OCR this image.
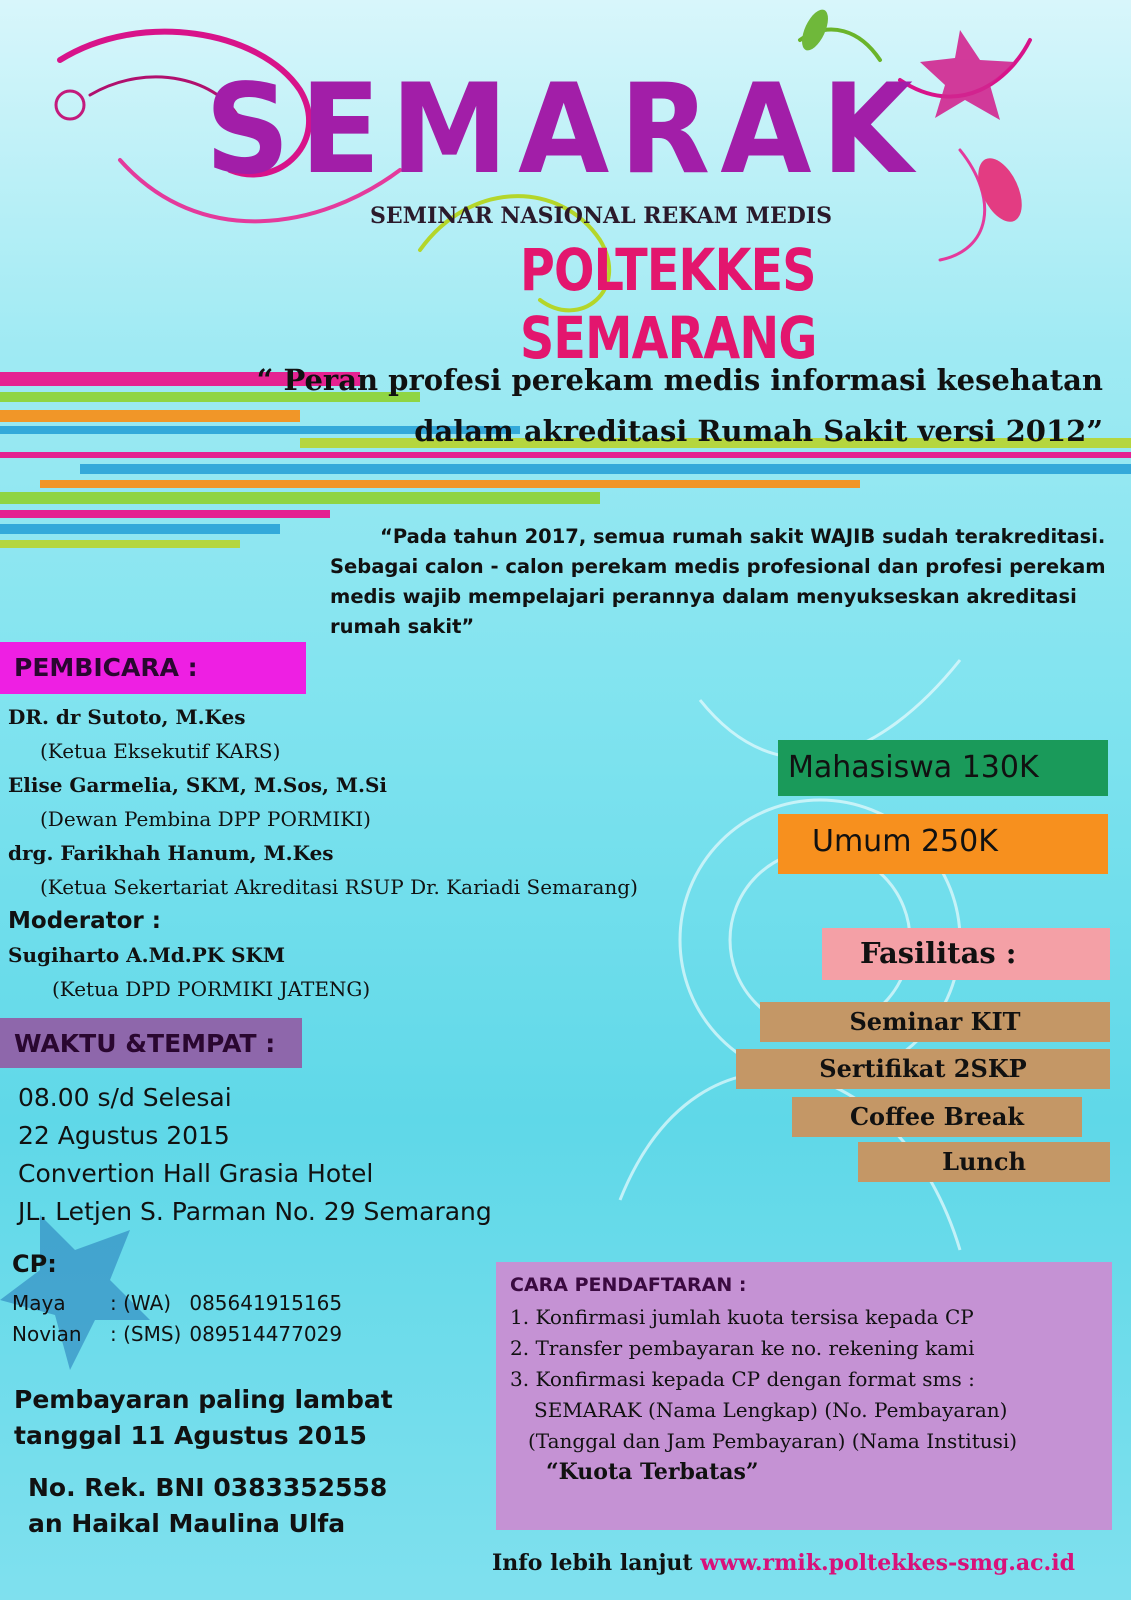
SEMARAK
SEMINAR NASIONAL REKAM MEDIS
POLTEKKES SEMARANG
“ Peran profesi perekam medis informasi kesehatan
dalam akreditasi Rumah Sakit versi 2012”
“Pada tahun 2017, semua rumah sakit WAJIB sudah terakreditasi.
Sebagai calon - calon perekam medis profesional dan profesi perekam
medis wajib mempelajari perannya dalam menyukseskan akreditasi
rumah sakit”
PEMBICARA :
DR. dr Sutoto, M.Kes
(Ketua Eksekutif KARS)
Elise Garmelia, SKM, M.Sos, M.Si
(Dewan Pembina DPP PORMIKI)
drg. Farikhah Hanum, M.Kes
(Ketua Sekertariat Akreditasi RSUP Dr. Kariadi Semarang)
Moderator :
Sugiharto A.Md.PK SKM
(Ketua DPD PORMIKI JATENG)
WAKTU &TEMPAT :
08.00 s/d Selesai
22 Agustus 2015
Convertion Hall Grasia Hotel
JL. Letjen S. Parman No. 29 Semarang
CP:
Maya	: (WA)	085641915165
Novian	: (SMS)	089514477029
Pembayaran paling lambat
tanggal 11 Agustus 2015
No. Rek. BNI 0383352558
an Haikal Maulina Ulfa
Mahasiswa 130K
Umum 250K
Fasilitas :
Seminar KIT
Sertifikat 2SKP
Coffee Break
Lunch
CARA PENDAFTARAN :
1. Konfirmasi jumlah kuota tersisa kepada CP
2. Transfer pembayaran ke no. rekening kami
3. Konfirmasi kepada CP dengan format sms :
SEMARAK (Nama Lengkap) (No. Pembayaran)
(Tanggal dan Jam Pembayaran) (Nama Institusi)
“Kuota Terbatas”
Info lebih lanjut www.rmik.poltekkes-smg.ac.id
